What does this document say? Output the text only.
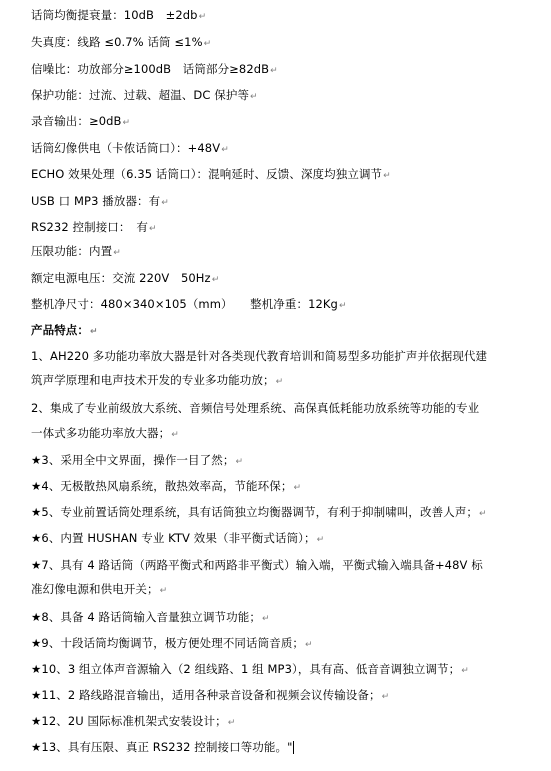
话筒均衡提衰量：10dB　±2db↵
失真度：线路 ≤0.7% 话筒 ≤1%↵
信噪比：功放部分≥100dB　话筒部分≥82dB↵
保护功能：过流、过载、超温、DC 保护等↵
录音输出：≥0dB↵
话筒幻像供电（卡侬话筒口）：+48V↵
ECHO 效果处理（6.35 话筒口）：混响延时、反馈、深度均独立调节↵
USB 口 MP3 播放器：有↵
RS232 控制接口：　有↵
压限功能：内置↵
额定电源电压：交流 220V　50Hz↵
整机净尺寸：480×340×105（mm）　　整机净重：12Kg↵
产品特点：↵
1、AH220 多功能功率放大器是针对各类现代教育培训和简易型多功能扩声并依据现代建
筑声学原理和电声技术开发的专业多功能功放；↵
2、集成了专业前级放大系统、音频信号处理系统、高保真低耗能功放系统等功能的专业
一体式多功能功率放大器；↵
★3、采用全中文界面，操作一目了然；↵
★4、无极散热风扇系统，散热效率高，节能环保；↵
★5、专业前置话筒处理系统，具有话筒独立均衡器调节，有利于抑制啸叫，改善人声；↵
★6、内置 HUSHAN 专业 KTV 效果（非平衡式话筒）；↵
★7、具有 4 路话筒（两路平衡式和两路非平衡式）输入端，平衡式输入端具备+48V 标
准幻像电源和供电开关；↵
★8、具备 4 路话筒输入音量独立调节功能；↵
★9、十段话筒均衡调节，极方便处理不同话筒音质；↵
★10、3 组立体声音源输入（2 组线路、1 组 MP3），具有高、低音音调独立调节；↵
★11、2 路线路混音输出，适用各种录音设备和视频会议传输设备；↵
★12、2U 国际标准机架式安装设计；↵
★13、具有压限、真正 RS232 控制接口等功能。"
